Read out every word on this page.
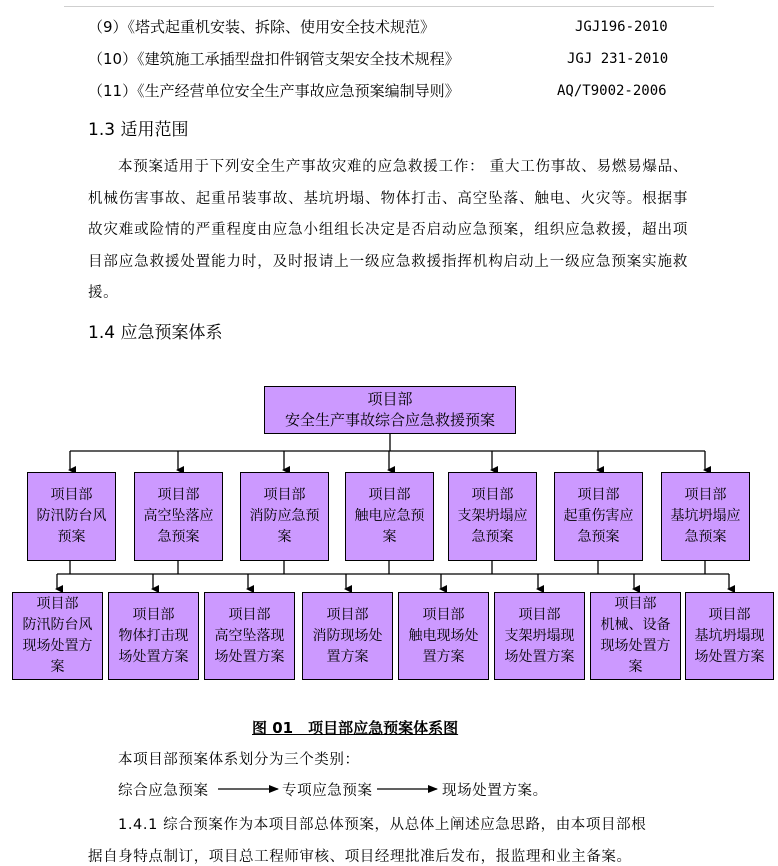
（9）《塔式起重机安装、拆除、使用安全技术规范》	JGJ196-2010
（10）《建筑施工承插型盘扣件钢管支架安全技术规程》	JGJ 231-2010
（11）《生产经营单位安全生产事故应急预案编制导则》	AQ/T9002-2006
1.3 适用范围

本预案适用于下列安全生产事故灾难的应急救援工作： 重大工伤事故、易燃易爆品、机械伤害事故、起重吊装事故、基坑坍塌、物体打击、高空坠落、触电、火灾等。根据事故灾难或险情的严重程度由应急小组组长决定是否启动应急预案，组织应急救援，超出项目部应急救援处置能力时，及时报请上一级应急救援指挥机构启动上一级应急预案实施救援。

1.4 应急预案体系
项目部
安全生产事故综合应急救援预案
项目部
防汛防台风预案
项目部
高空坠落应急预案
项目部
消防应急预案
项目部
触电应急预案
项目部
支架坍塌应急预案
项目部
起重伤害应急预案
项目部
基坑坍塌应急预案
项目部
防汛防台风现场处置方案
项目部
物体打击现场处置方案
项目部
高空坠落现场处置方案
项目部
消防现场处置方案
项目部
触电现场处置方案
项目部
支架坍塌现场处置方案
项目部
机械、设备现场处置方案
项目部
基坑坍塌现场处置方案
图 01　项目部应急预案体系图
本项目部预案体系划分为三个类别：
综合应急预案	专项应急预案	现场处置方案。
1.4.1 综合预案作为本项目部总体预案，从总体上阐述应急思路，由本项目部根
据自身特点制订，项目总工程师审核、项目经理批准后发布，报监理和业主备案。
